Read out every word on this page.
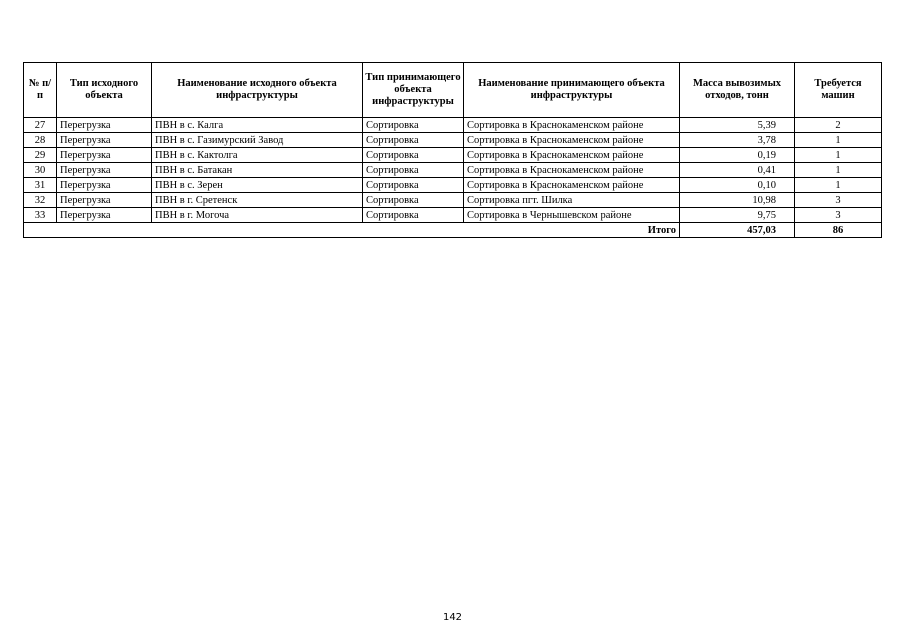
№ п/п	Тип исходного объекта	Наименование исходного объекта инфраструктуры	Тип принимающего объекта инфраструктуры	Наименование принимающего объекта инфраструктуры	Масса вывозимых отходов, тонн	Требуется машин
27	Перегрузка	ПВН в с. Калга	Сортировка	Сортировка в Краснокаменском районе	5,39	2
28	Перегрузка	ПВН в с. Газимурский Завод	Сортировка	Сортировка в Краснокаменском районе	3,78	1
29	Перегрузка	ПВН в с. Кактолга	Сортировка	Сортировка в Краснокаменском районе	0,19	1
30	Перегрузка	ПВН в с. Батакан	Сортировка	Сортировка в Краснокаменском районе	0,41	1
31	Перегрузка	ПВН в с. Зерен	Сортировка	Сортировка в Краснокаменском районе	0,10	1
32	Перегрузка	ПВН в г. Сретенск	Сортировка	Сортировка пгт. Шилка	10,98	3
33	Перегрузка	ПВН в г. Могоча	Сортировка	Сортировка в Чернышевском районе	9,75	3
Итого					457,03	86
142
